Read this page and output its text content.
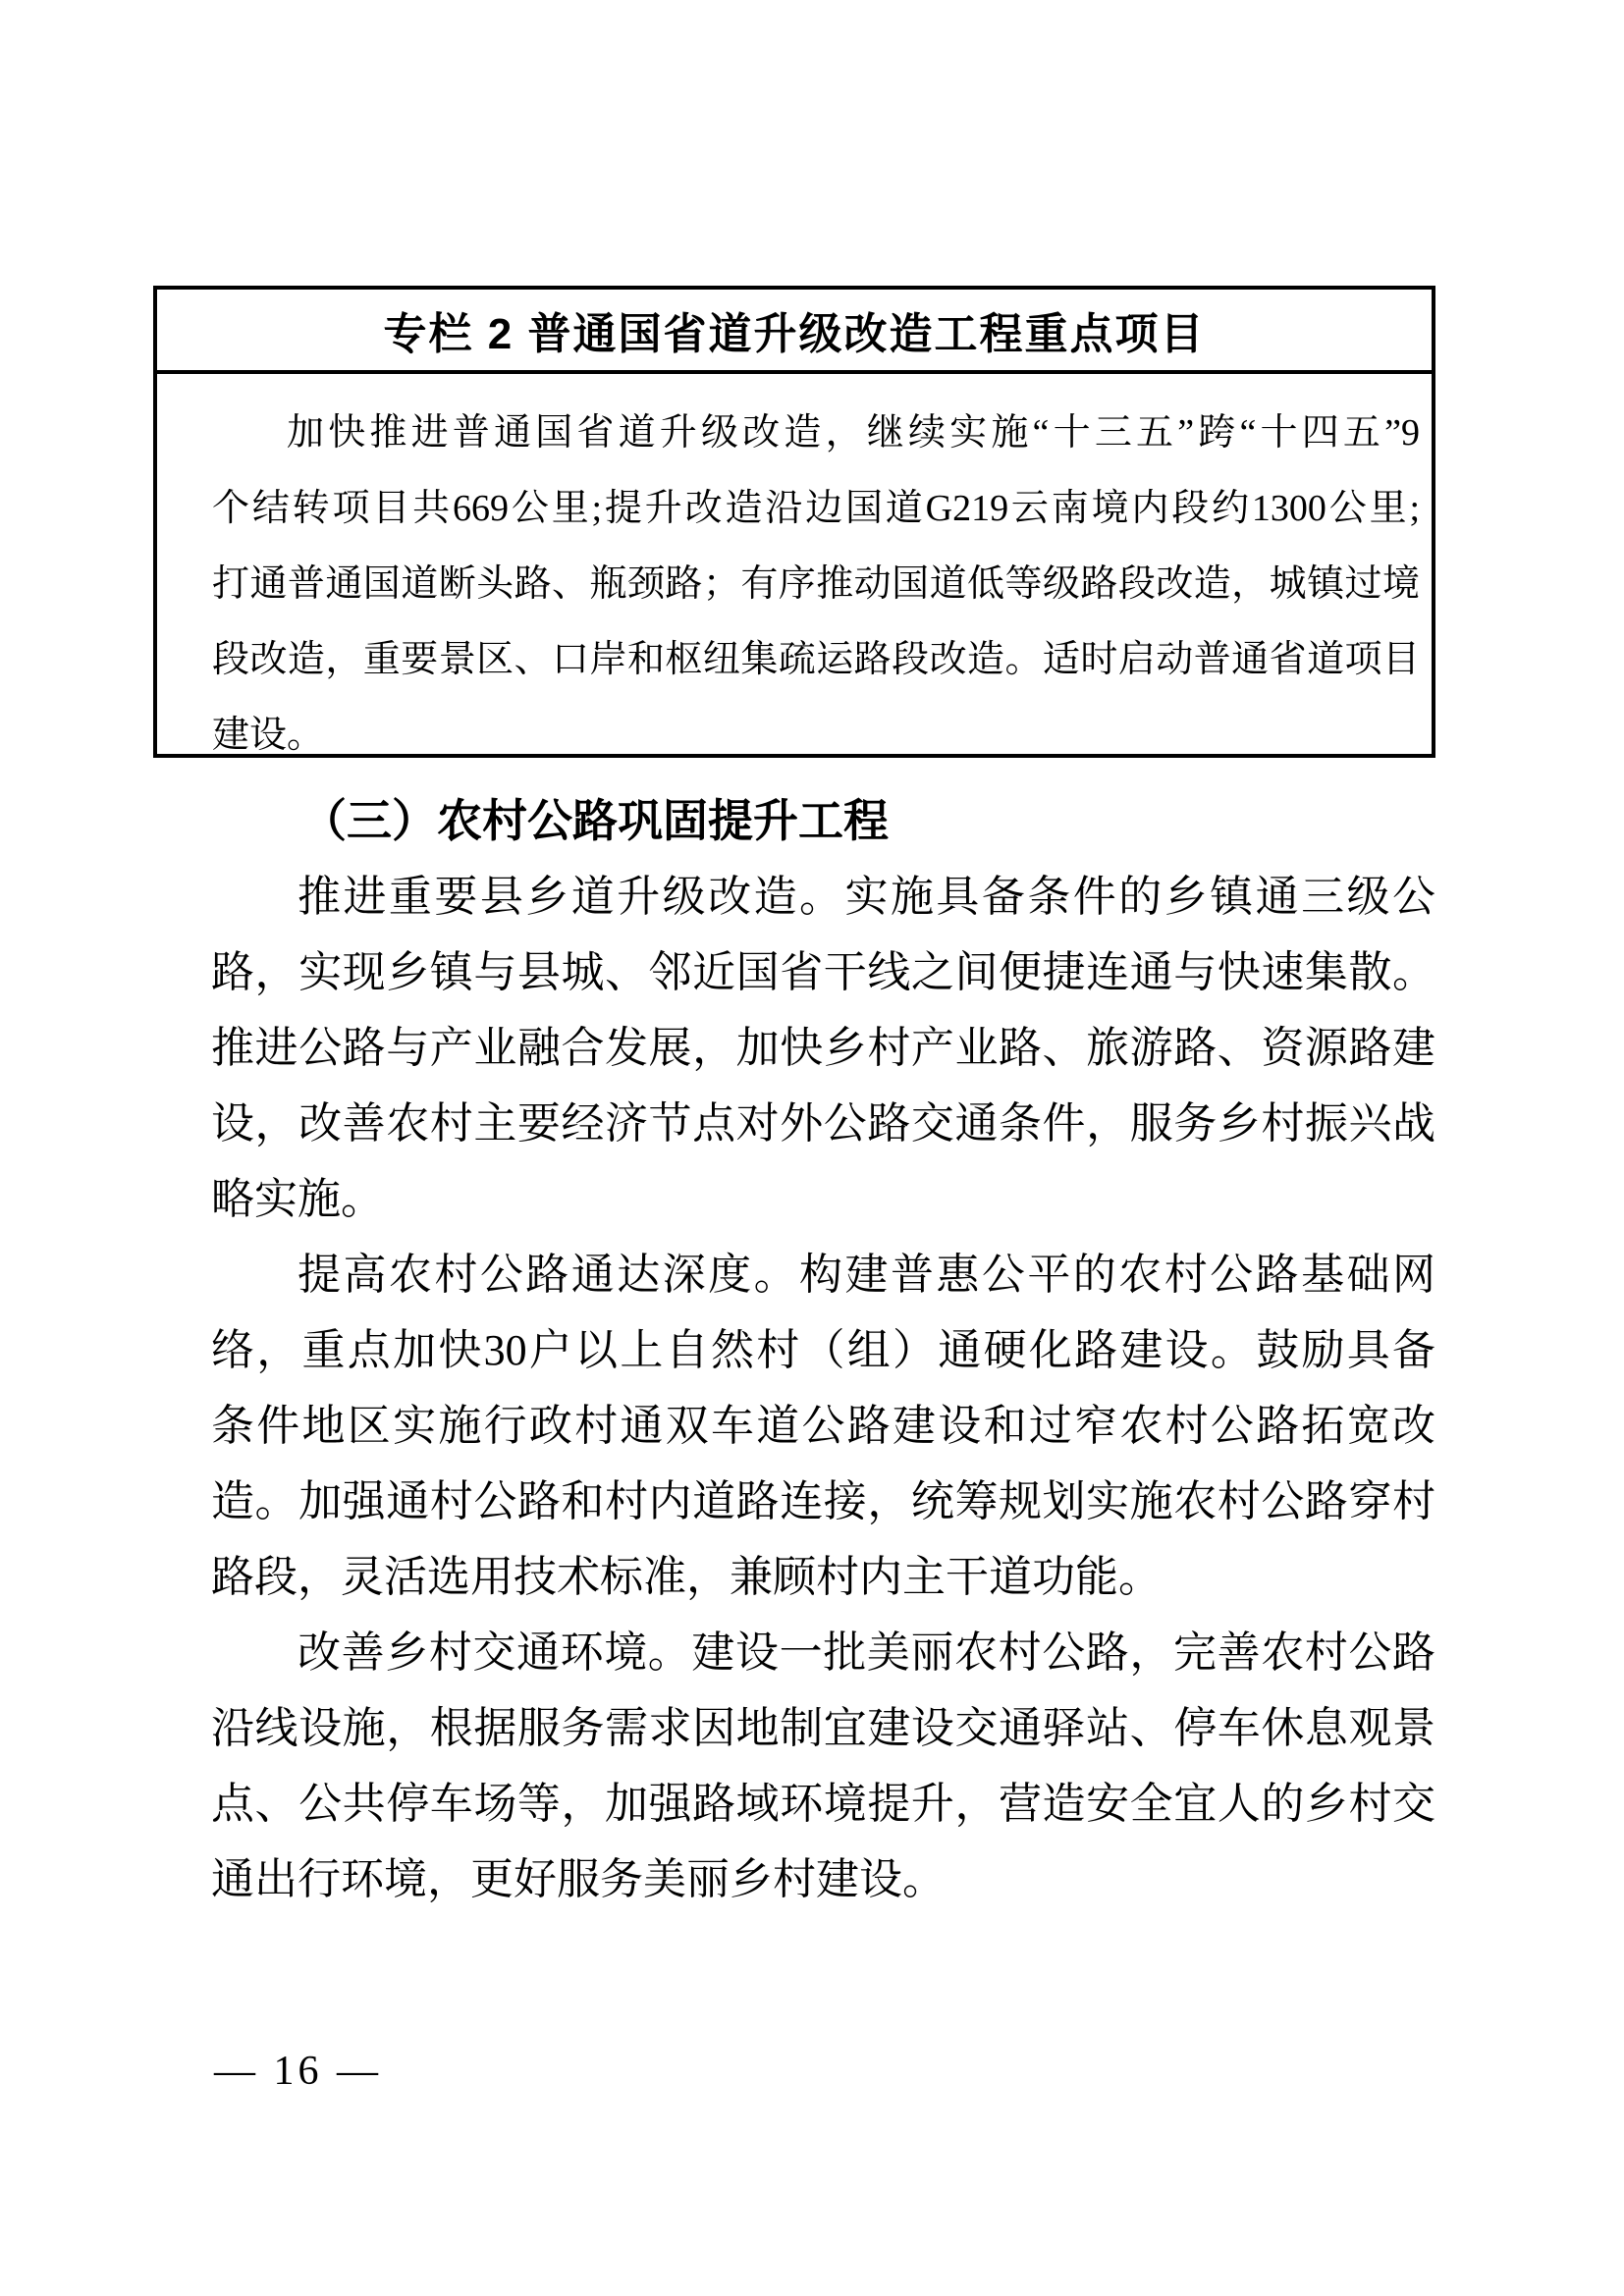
专栏 2 普通国省道升级改造工程重点项目
加快推进普通国省道升级改造，继续实施“十三五”跨“十四五”9
个结转项目共669公里;提升改造沿边国道G219云南境内段约1300公里;
打通普通国道断头路、瓶颈路；有序推动国道低等级路段改造，城镇过境
段改造，重要景区、口岸和枢纽集疏运路段改造。适时启动普通省道项目
建设。
（三）农村公路巩固提升工程
推进重要县乡道升级改造。实施具备条件的乡镇通三级公
路，实现乡镇与县城、邻近国省干线之间便捷连通与快速集散。
推进公路与产业融合发展，加快乡村产业路、旅游路、资源路建
设，改善农村主要经济节点对外公路交通条件，服务乡村振兴战
略实施。
提高农村公路通达深度。构建普惠公平的农村公路基础网
络，重点加快30户以上自然村（组）通硬化路建设。鼓励具备
条件地区实施行政村通双车道公路建设和过窄农村公路拓宽改
造。加强通村公路和村内道路连接，统筹规划实施农村公路穿村
路段，灵活选用技术标准，兼顾村内主干道功能。
改善乡村交通环境。建设一批美丽农村公路，完善农村公路
沿线设施，根据服务需求因地制宜建设交通驿站、停车休息观景
点、公共停车场等，加强路域环境提升，营造安全宜人的乡村交
通出行环境，更好服务美丽乡村建设。
— 16 —
